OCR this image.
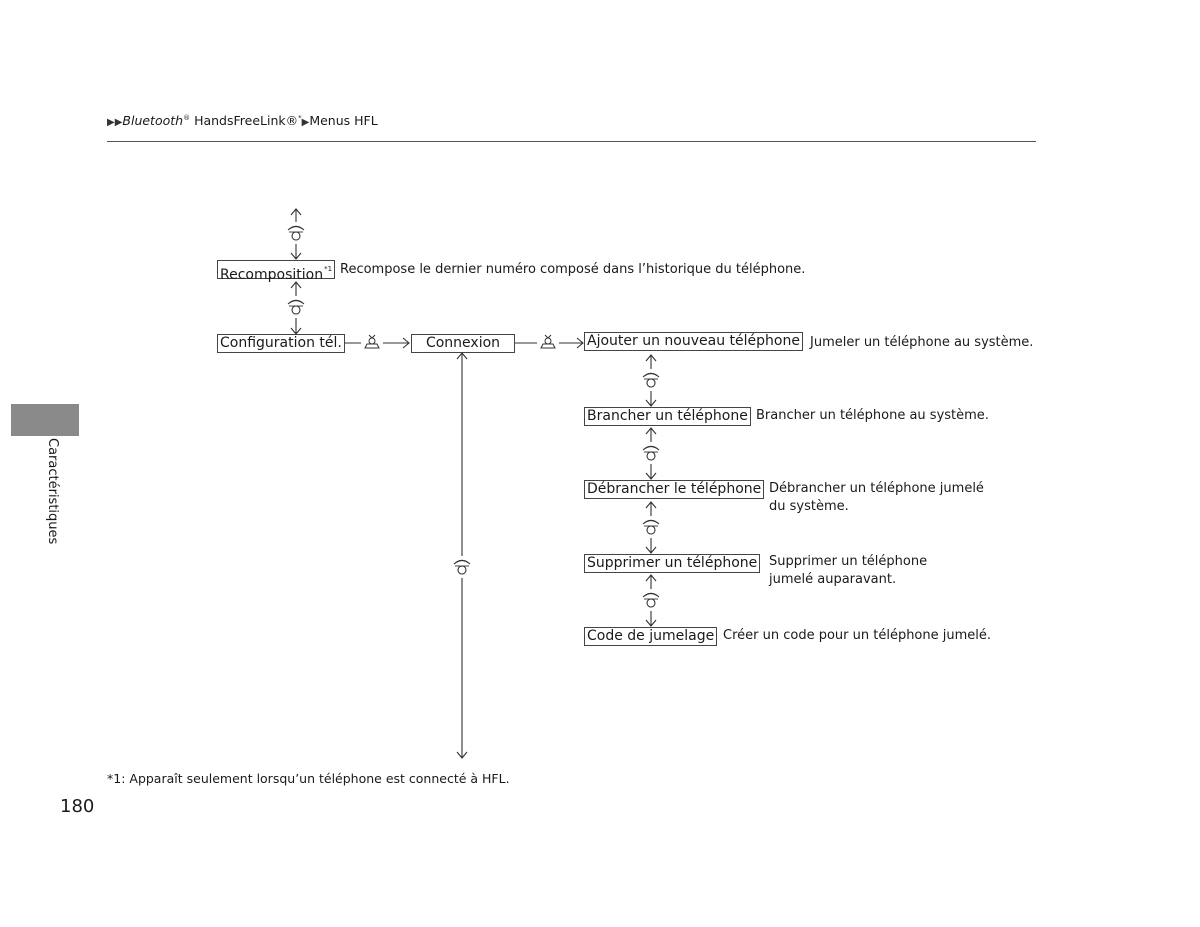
▶▶Bluetooth® HandsFreeLink®*▶Menus HFL
Caractéristiques
Recomposition$^{*1}$ Recompose le dernier numéro composé dans l’historique du téléphone.
Configuration tél.	Connexion	Ajouter un nouveau téléphone Jumeler un téléphone au système.
Brancher un téléphone Brancher un téléphone au système.
Débrancher le téléphone Débrancher un téléphone jumelé
du système.
Supprimer un téléphone Supprimer un téléphone
jumelé auparavant.
Code de jumelage Créer un code pour un téléphone jumelé.
*1: Apparaît seulement lorsqu’un téléphone est connecté à HFL.
180
